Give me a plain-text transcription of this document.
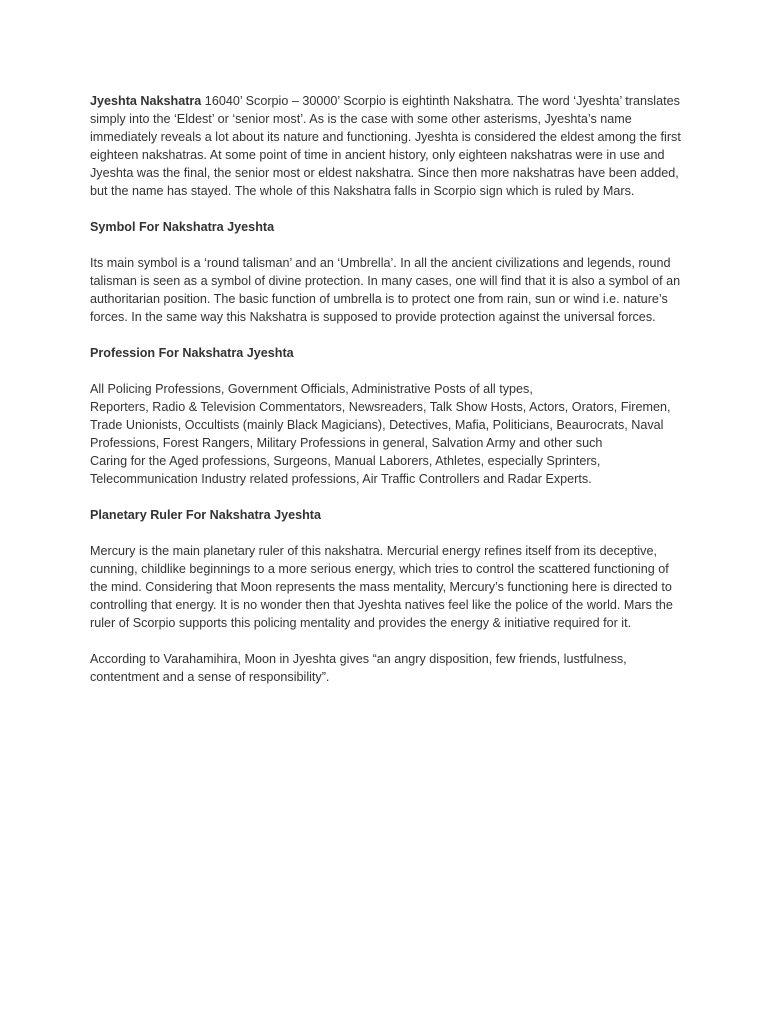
Jyeshta Nakshatra 16040’ Scorpio – 30000’ Scorpio is eightinth Nakshatra. The word ‘Jyeshta’ translates simply into the ‘Eldest’ or ‘senior most’. As is the case with some other asterisms, Jyeshta’s name immediately reveals a lot about its nature and functioning. Jyeshta is considered the eldest among the first eighteen nakshatras. At some point of time in ancient history, only eighteen nakshatras were in use and Jyeshta was the final, the senior most or eldest nakshatra. Since then more nakshatras have been added, but the name has stayed. The whole of this Nakshatra falls in Scorpio sign which is ruled by Mars.

Symbol For Nakshatra Jyeshta

Its main symbol is a ‘round talisman’ and an ‘Umbrella’. In all the ancient civilizations and legends, round talisman is seen as a symbol of divine protection. In many cases, one will find that it is also a symbol of an authoritarian position. The basic function of umbrella is to protect one from rain, sun or wind i.e. nature’s forces. In the same way this Nakshatra is supposed to provide protection against the universal forces.

Profession For Nakshatra Jyeshta

All Policing Professions, Government Officials, Administrative Posts of all types,
Reporters, Radio & Television Commentators, Newsreaders, Talk Show Hosts, Actors, Orators, Firemen, Trade Unionists, Occultists (mainly Black Magicians), Detectives, Mafia, Politicians, Beaurocrats, Naval Professions, Forest Rangers, Military Professions in general, Salvation Army and other such
Caring for the Aged professions, Surgeons, Manual Laborers, Athletes, especially Sprinters, Telecommunication Industry related professions, Air Traffic Controllers and Radar Experts.

Planetary Ruler For Nakshatra Jyeshta

Mercury is the main planetary ruler of this nakshatra. Mercurial energy refines itself from its deceptive, cunning, childlike beginnings to a more serious energy, which tries to control the scattered functioning of the mind. Considering that Moon represents the mass mentality, Mercury’s functioning here is directed to controlling that energy. It is no wonder then that Jyeshta natives feel like the police of the world. Mars the ruler of Scorpio supports this policing mentality and provides the energy & initiative required for it.

According to Varahamihira, Moon in Jyeshta gives “an angry disposition, few friends, lustfulness, contentment and a sense of responsibility”.
